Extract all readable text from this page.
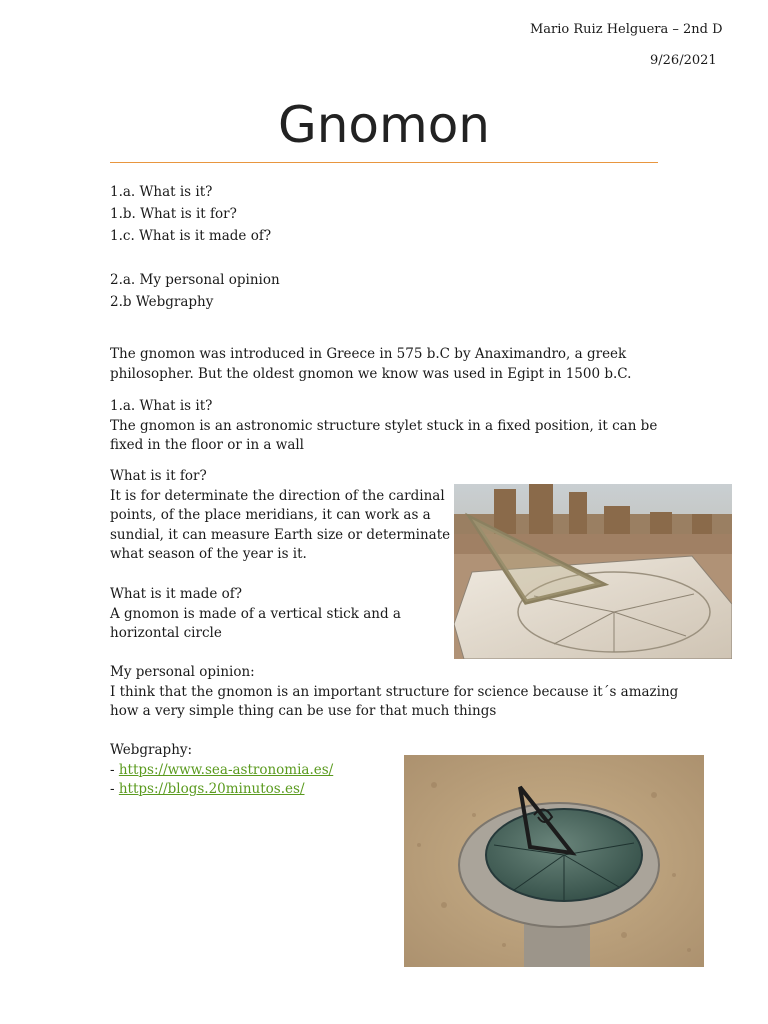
Mario Ruiz Helguera – 2nd D
9/26/2021
Gnomon
1.a. What is it?
1.b. What is it for?
1.c. What is it made of?
2.a. My personal opinion
2.b Webgraphy
The gnomon was introduced in Greece in 575 b.C by Anaximandro, a greek
philosopher. But the oldest gnomon we know was used in Egipt in 1500 b.C.
1.a. What is it?
The gnomon is an astronomic structure stylet stuck in a fixed position, it can be
fixed in the floor or in a wall
What is it for?
It is for determinate the direction of the cardinal
points, of the place meridians, it can work as a
sundial, it can measure Earth size or determinate
what season of the year is it.
What is it made of?
A gnomon is made of a vertical stick and a
horizontal circle
My personal opinion:
I think that the gnomon is an important structure for science because it´s amazing
how a very simple thing can be use for that much things
Webgraphy:
- https://www.sea-astronomia.es/
- https://blogs.20minutos.es/
